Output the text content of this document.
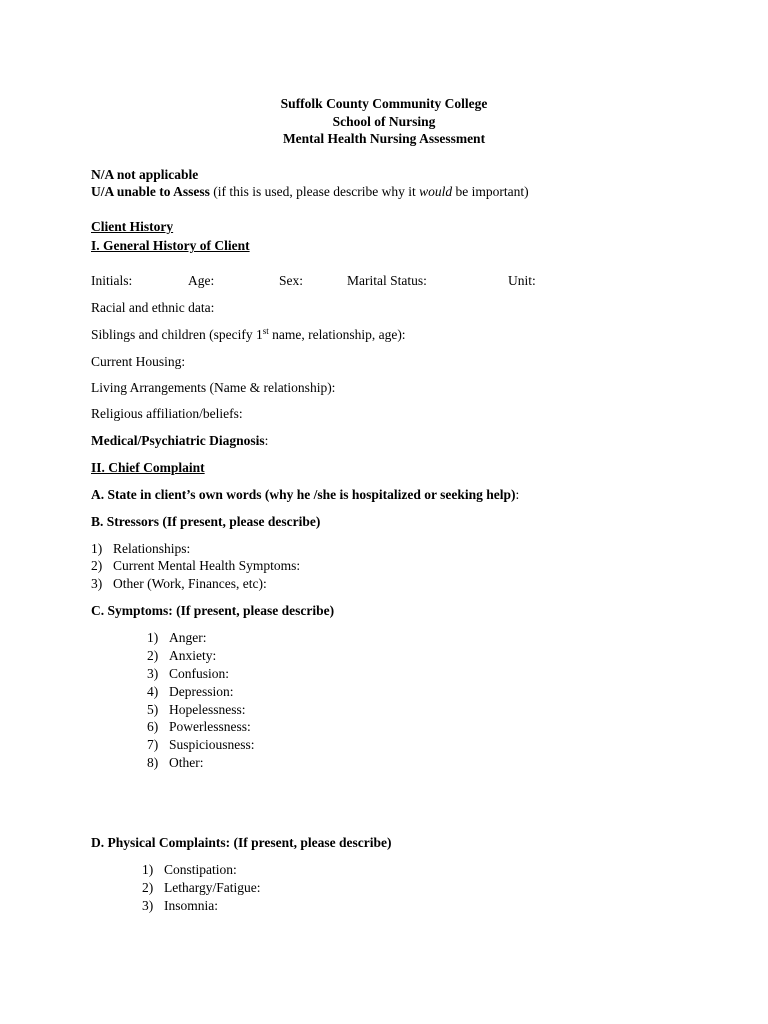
Suffolk County Community College
School of Nursing
Mental Health Nursing Assessment
N/A not applicable
U/A unable to Assess (if this is used, please describe why it would be important)
Client History
I. General History of Client
Initials:	Age:	Sex:	Marital Status:	Unit:
Racial and ethnic data:
Siblings and children (specify 1st name, relationship, age):
Current Housing:
Living Arrangements (Name & relationship):
Religious affiliation/beliefs:
Medical/Psychiatric Diagnosis:
II. Chief Complaint
A. State in client’s own words (why he /she is hospitalized or seeking help):
B. Stressors (If present, please describe)
1) Relationships:
2) Current Mental Health Symptoms:
3) Other (Work, Finances, etc):
C. Symptoms: (If present, please describe)
1) Anger:
2) Anxiety:
3) Confusion:
4) Depression:
5) Hopelessness:
6) Powerlessness:
7) Suspiciousness:
8) Other:
D. Physical Complaints: (If present, please describe)
1) Constipation:
2) Lethargy/Fatigue:
3) Insomnia:
